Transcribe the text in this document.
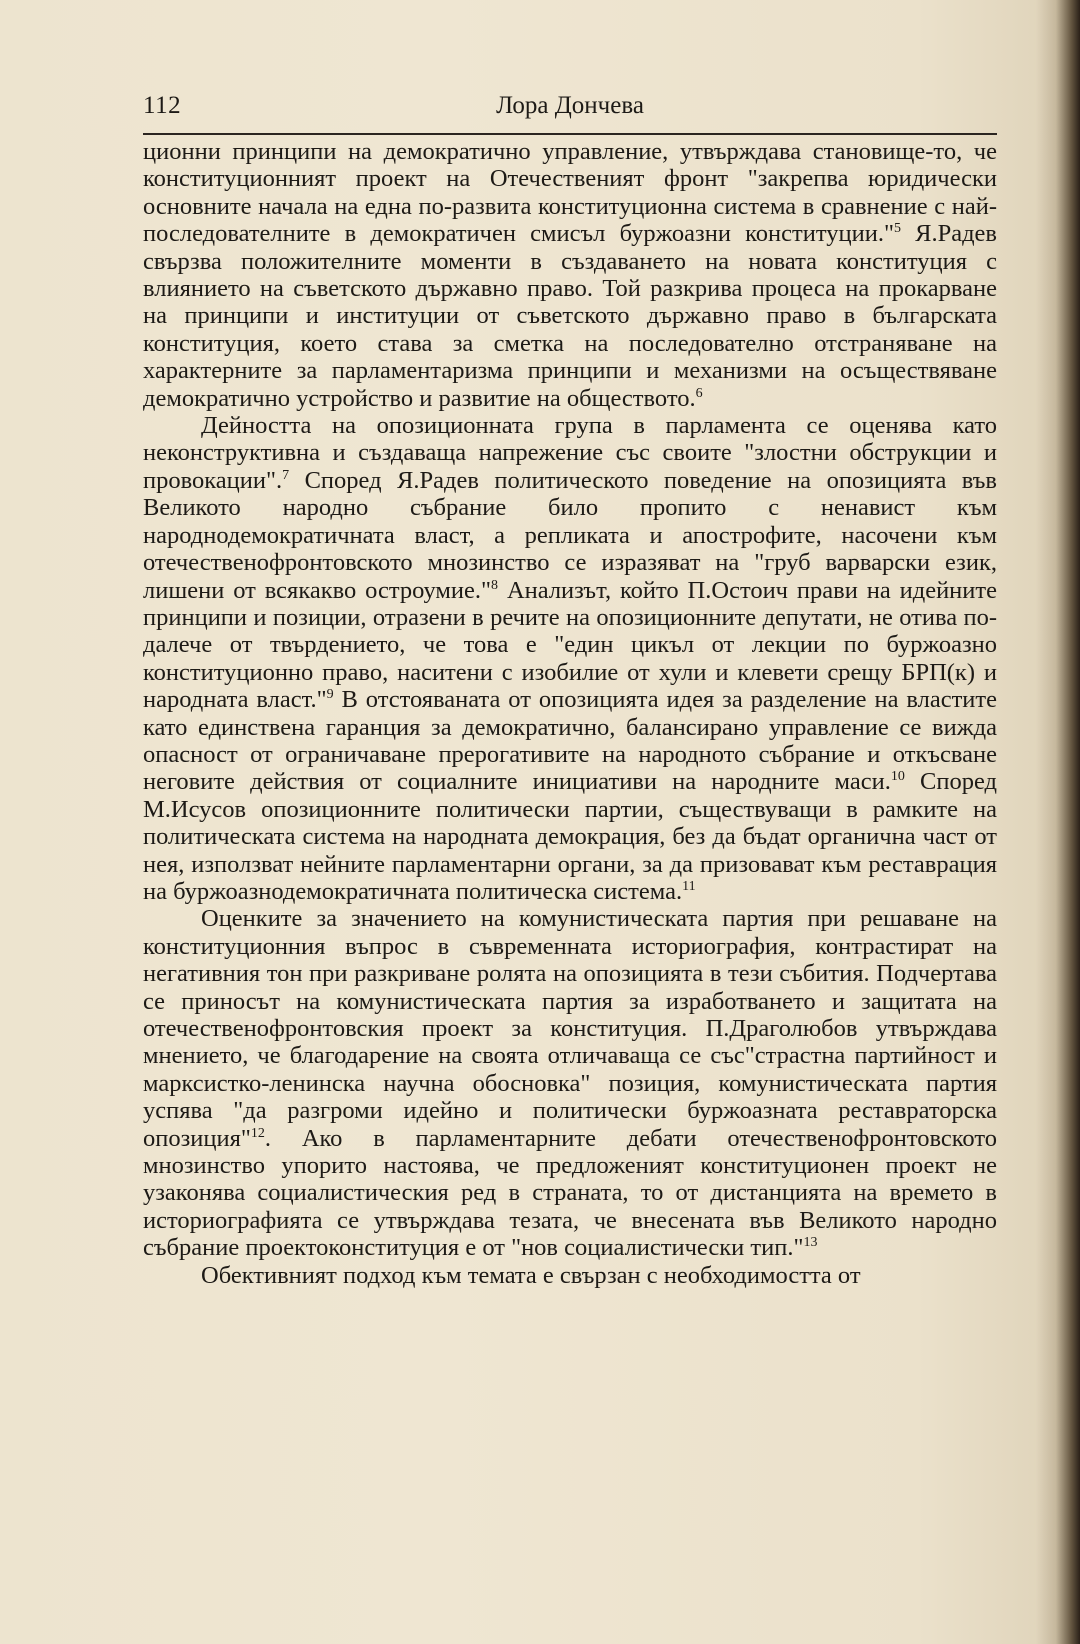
112	Лора Дончева

ционни принципи на демократично управление, утвърждава становище-то, че конституционният проект на Отечественият фронт "закрепва юридически основните начала на една по-развита конституционна система в сравнение с най-последователните в демократичен смисъл буржоазни конституции."$^5$ Я.Радев свързва положителните моменти в създаването на новата конституция с влиянието на съветското държавно право. Той разкрива процеса на прокарване на принципи и институции от съветското държавно право в българската конституция, което става за сметка на последователно отстраняване на характерните за парламентаризма принципи и механизми на осъществяване демократично устройство и развитие на обществото.$^6$

Дейността на опозиционната група в парламента се оценява като неконструктивна и създаваща напрежение със своите "злостни обструкции и провокации".$^7$ Според Я.Радев политическото поведение на опозицията във Великото народно събрание било пропито с ненавист към народнодемократичната власт, а репликата и апострофите, насочени към отечественофронтовското мнозинство се изразяват на "груб варварски език, лишени от всякакво остроумие."$^8$ Анализът, който П.Остоич прави на идейните принципи и позиции, отразени в речите на опозиционните депутати, не отива по-далече от твърдението, че това е "един цикъл от лекции по буржоазно конституционно право, наситени с изобилие от хули и клевети срещу БРП(к) и народната власт."$^9$ В отстояваната от опозицията идея за разделение на властите като единствена гаранция за демократично, балансирано управление се вижда опасност от ограничаване прерогативите на народното събрание и откъсване неговите действия от социалните инициативи на народните маси.$^{10}$ Според М.Исусов опозиционните политически партии, съществуващи в рамките на политическата система на народната демокрация, без да бъдат органична част от нея, използват нейните парламентарни органи, за да призовават към реставрация на буржоазнодемократичната политическа система.$^{11}$

Оценките за значението на комунистическата партия при решаване на конституционния въпрос в съвременната историография, контрастират на негативния тон при разкриване ролята на опозицията в тези събития. Подчертава се приносът на комунистическата партия за изработването и защитата на отечественофронтовския проект за конституция. П.Драголюбов утвърждава мнението, че благодарение на своята отличаваща се със"страстна партийност и марксистко-ленинска научна обосновка" позиция, комунистическата партия успява "да разгроми идейно и политически буржоазната реставраторска опозиция"$^{12}$. Ако в парламентарните дебати отечественофронтовското мнозинство упорито настоява, че предложеният конституционен проект не узаконява социалистическия ред в страната, то от дистанцията на времето в историографията се утвърждава тезата, че внесената във Великото народно събрание проектоконституция е от "нов социалистически тип."$^{13}$

Обективният подход към темата е свързан с необходимостта от
